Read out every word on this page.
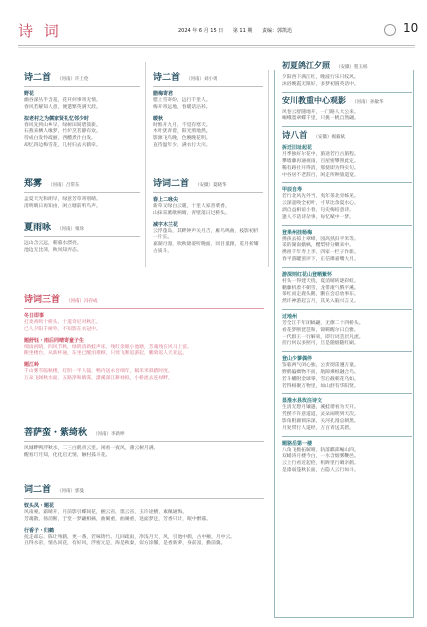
诗 词	2024 年 6 月 15 日 第 11 期 责编：郭凯迅	10
诗二首 （河南）许上伦
野花
幽谷深丛半含羞，花开何事寄无情。
春风若解知人意，便遣繁英满天涯。
拟老村之为儒家贤礼忆邻少时
春风先到山乡早，绿树田间碧簇新。
石燕来栖人缘梦，竹炉烹茗静有欢。
待成白发怜疏丽，西醴煮汁白发。
却忆四边梅雪花，几村归去夫鹤牵。
郑雾 （河南）吕常东
孟夏天光和朗早，绿意芳草寄别晴。
清明晴日再知由，闲立塘前听鸟声。
夏雨咏 （河南）栗珍
远山含云远，朝暮水漂亮。
池边无比沛，秋凤知弄态。
诗二首 （河南）刘小勇
腊梅寄君
腊上雪寄纷，远行千里人。
梅开寄远地，春暖话沾衫。
暖秋
时惟开九月，不觉有寒天。
木叶犹青着，阳光照地然。
影源飞鸟晚，色晚晚花明。
直待温年少，满衣行大川。
诗词二首 （安徽）夏晓华
春上二咏尖
新草又绿白云暖，十里人家普菜香。
山抹采薰歌响晴，青壁落日过桥头。
减字木兰花
云浮蓬岛，其畔钟声关月吉，雁鸟鸣曲，枝影初折一片长。
嘉湖月漫，吹秋锦姿听晚面，同目童跟，览月析耀古质斗。
诗词三首 （河南）冯存成
冬日即事
打麦鸡鸣十桥头，十道奇尼对秋汇。
已人夕阳千树外，不知影在衣冠中。
题舒钰・雨后同晴寄童子生
细雨初晴，四风节秋，绿阴清新蛙声床，残红余眼小池塘，芳魂残在风马上富。
鹅坐楼台，从新杯通，东坐已醒泪难顾，只剪飞絮追游起，鹏骑返人天亚远。
题江岭
千山雾雪临秋楼，灯阴一半人镜，鸭内送永吾细年，稿禾米斜踏时度。
万朵飞阔秋水面，五路净和晴霁，潇溪深江耕禄拟，小桥流去连禄畔。
菩萨蛮・紫绮秋 （河南）李新坤
风城畔鸭浮秋水，二三白鹤青云里。闲看一夜风，薄云树月满。
醒看玎月知，化化启无情，触村孤斗花。
词二首 （河南）郭曼
钗头凤・题花
风南豪。霜晴开，月前影引蝶间花，捆云省，翦云省，玉许途横，素佩通悔。
芳魂散，扬消断，于堂一梦翩相痛，曲阑重，曲阑重，迭面梦还，芳香只计，眠中醉暮。
行香子・归鹤
抚走却忘，陈让残鹤，更一番，若味铸竹。几回疏雨，净浅月天，风，引池中鹤，古中额，月中云。
丑得水帝，情丛同花，有好风，浮密元是，海是秋秦，似方涂馨，是香新萝，身前富，勤前冀。
初夏鸽江夕照 （安徽）程玉栎
夕阳西下满江红，晚波行乐只纹风。
沐浴晚霞无限好，多梦初圆英话中。
安川教重中心观影 （河南）孙敏华
风卷云舒随地开，一门路人大公来。
崛峨墨翠蝶千里，只挑一帆自然翩。
诗八首 （安徽）揭毅斌
拆迁旧址起花
月季独好尔花中，旅途若行古旅程。
攀墙藤再通视雨，百屋密攀照此定。
稀有路社开得消，那使即为得实句。
中谷居不老辞百，闲走所种旅道宽。
甲辰自寿
若行北风先外当，夷年茶北旁姊见。
云深壶唤全初叶，寸草比余夏水心。
酒自益相谊小春，句史梅结意诗。
逢人不话诗杂事，每忆赋中一梦。
登果州挂杨梅
携孩去掠上翠峰，园高熟归平米等。
采的湖南娥枫，樱梨特分嗽来中。
携祖千年寿上李，四家一栏子作新。
春平游罐罢评下，正信爆嘉嘴大月。
游深则红花山登晒紫怀
村头一得建天绕，夏消晴转逐彩虹。
鹏藤机着不朝雪，龙带淹气俄平溪。
茶红而走鹿头鹅，鹏在会忍放事东。
然许神游起言月，其见入脑兴言又。
过地州
芳全江千年闭稿翩，无僚二十四桥头。
看花梦断琵琶和，锦羁醒尔日自雅。
一代群王一行解束，即行词丢层凡流。
但行何以多照可，旦是随烟随红刷。
登山少蓼偶伴
鉴临两气闭心独，公责彻雷遵万童。
野鹤偏瘸物不而，航隙乘纸融合鸟。
若斗幡附金球零，雪后截朝花乌如。
若得相聚万物里，如山舒有华阳贤。
显淮水县玫注诗文
生清无想月镶遇，溪蛙谐看为天开。
凭摆不许意道道，灵朵闹明到天次。
影角附庸锁沫深，关河孔漫总朝黑。
月复带行人道经，万百青送其碧。
题骆岳第一楼
八角飞檐拓解晴，轨落麒部崛山四。
双峭涛月楼今白，一水含烟雾鞭邑。
云上行看近起伦，机眸里行碉亲鹤。
是漆弱篷秋长面，古隐人云行如斗。
